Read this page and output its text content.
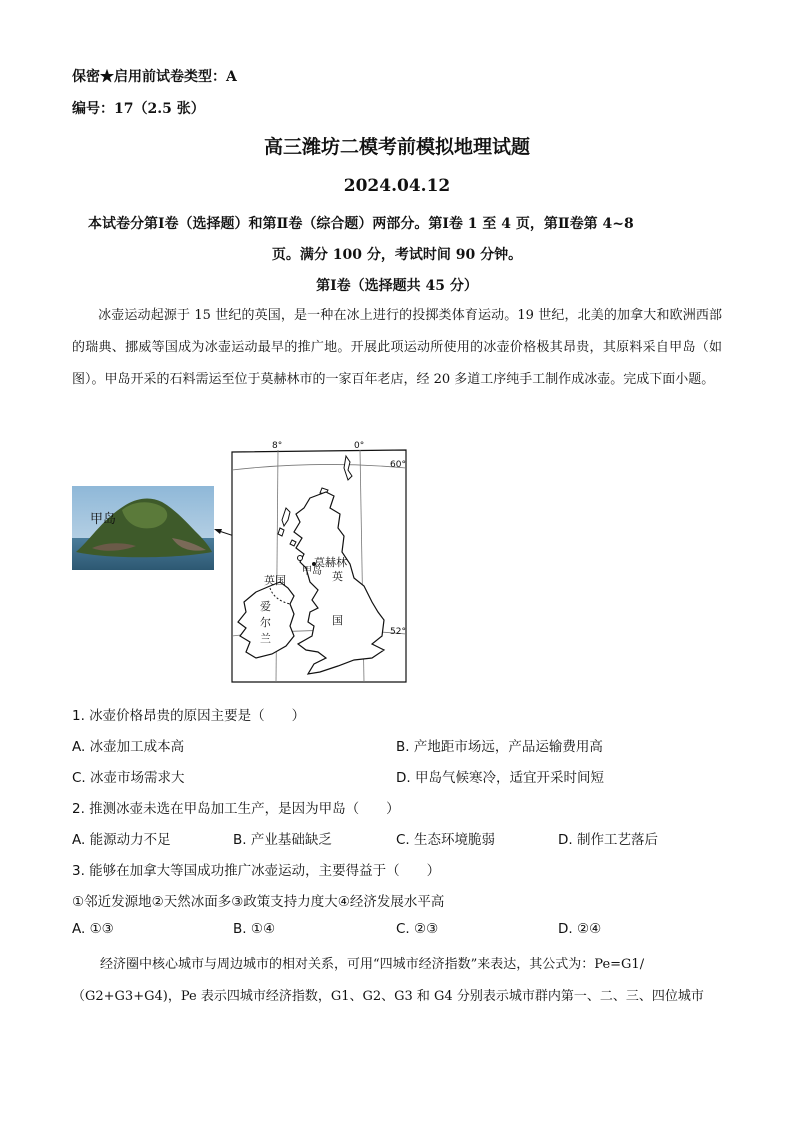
保密★启用前试卷类型：A
编号：17（2.5 张）
高三潍坊二模考前模拟地理试题
2024.04.12
本试卷分第Ⅰ卷（选择题）和第Ⅱ卷（综合题）两部分。第Ⅰ卷 1 至 4 页，第Ⅱ卷第 4~8
页。满分 100 分，考试时间 90 分钟。
第Ⅰ卷（选择题共 45 分）
冰壶运动起源于 15 世纪的英国，是一种在冰上进行的投掷类体育运动。19 世纪，北美的加拿大和欧洲西部的瑞典、挪威等国成为冰壶运动最早的推广地。开展此项运动所使用的冰壶价格极其昂贵，其原料采自甲岛（如图）。甲岛开采的石料需运至位于莫赫林市的一家百年老店，经 20 多道工序纯手工制作成冰壶。完成下面小题。
甲岛
8°	0°
60°
52°
甲岛
莫赫林
英国	英
国
爱
尔
兰
1. 冰壶价格昂贵的原因主要是（　　）
A. 冰壶加工成本高	B. 产地距市场远，产品运输费用高
C. 冰壶市场需求大	D. 甲岛气候寒冷，适宜开采时间短
2. 推测冰壶未选在甲岛加工生产，是因为甲岛（　　）
A. 能源动力不足	B. 产业基础缺乏	C. 生态环境脆弱	D. 制作工艺落后
3. 能够在加拿大等国成功推广冰壶运动，主要得益于（　　）
①邻近发源地②天然冰面多③政策支持力度大④经济发展水平高
A. ①③	B. ①④	C. ②③	D. ②④
经济圈中核心城市与周边城市的相对关系，可用“四城市经济指数”来表达，其公式为：Pe=G1/
（G2+G3+G4)，Pe 表示四城市经济指数，G1、G2、G3 和 G4 分别表示城市群内第一、二、三、四位城市
